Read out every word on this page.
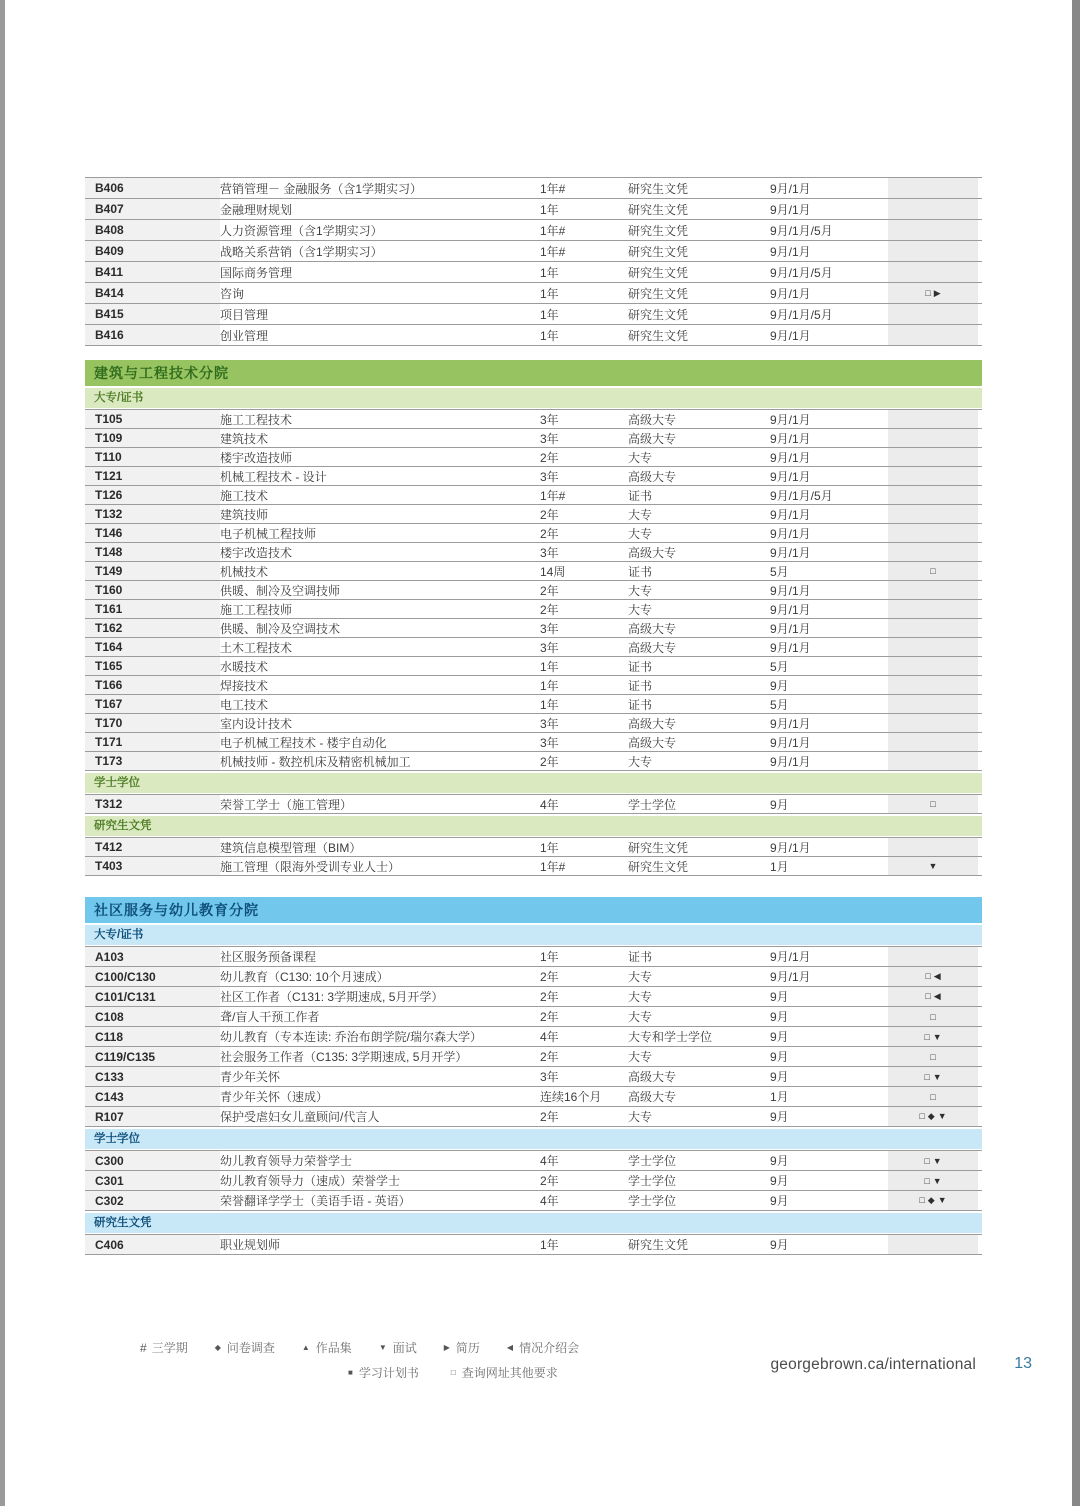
B406	营销管理－ 金融服务（含1学期实习）	1年#	研究生文凭	9月/1月
B407	金融理财规划	1年	研究生文凭	9月/1月
B408	人力资源管理（含1学期实习）	1年#	研究生文凭	9月/1月/5月
B409	战略关系营销（含1学期实习）	1年#	研究生文凭	9月/1月
B411	国际商务管理	1年	研究生文凭	9月/1月/5月
B414	咨询	1年	研究生文凭	9月/1月	□▶
B415	项目管理	1年	研究生文凭	9月/1月/5月
B416	创业管理	1年	研究生文凭	9月/1月
建筑与工程技术分院
大专/证书
T105	施工工程技术	3年	高级大专	9月/1月
T109	建筑技术	3年	高级大专	9月/1月
T110	楼宇改造技师	2年	大专	9月/1月
T121	机械工程技术 - 设计	3年	高级大专	9月/1月
T126	施工技术	1年#	证书	9月/1月/5月
T132	建筑技师	2年	大专	9月/1月
T146	电子机械工程技师	2年	大专	9月/1月
T148	楼宇改造技术	3年	高级大专	9月/1月
T149	机械技术	14周	证书	5月	□
T160	供暖、制冷及空调技师	2年	大专	9月/1月
T161	施工工程技师	2年	大专	9月/1月
T162	供暖、制冷及空调技术	3年	高级大专	9月/1月
T164	土木工程技术	3年	高级大专	9月/1月
T165	水暖技术	1年	证书	5月
T166	焊接技术	1年	证书	9月
T167	电工技术	1年	证书	5月
T170	室内设计技术	3年	高级大专	9月/1月
T171	电子机械工程技术 - 楼宇自动化	3年	高级大专	9月/1月
T173	机械技师 - 数控机床及精密机械加工	2年	大专	9月/1月
学士学位
T312	荣誉工学士（施工管理）	4年	学士学位	9月	□
研究生文凭
T412	建筑信息模型管理（BIM）	1年	研究生文凭	9月/1月
T403	施工管理（限海外受训专业人士）	1年#	研究生文凭	1月	▼
社区服务与幼儿教育分院
大专/证书
A103	社区服务预备课程	1年	证书	9月/1月
C100/C130	幼儿教育（C130: 10个月速成）	2年	大专	9月/1月	□◀
C101/C131	社区工作者（C131: 3学期速成, 5月开学）	2年	大专	9月	□◀
C108	聋/盲人干预工作者	2年	大专	9月	□
C118	幼儿教育（专本连读: 乔治布朗学院/瑞尔森大学）	4年	大专和学士学位	9月	□▼
C119/C135	社会服务工作者（C135: 3学期速成, 5月开学）	2年	大专	9月	□
C133	青少年关怀	3年	高级大专	9月	□▼
C143	青少年关怀（速成）	连续16个月	高级大专	1月	□
R107	保护受虐妇女儿童顾问/代言人	2年	大专	9月	□◆▼
学士学位
C300	幼儿教育领导力荣誉学士	4年	学士学位	9月	□▼
C301	幼儿教育领导力（速成）荣誉学士	2年	学士学位	9月	□▼
C302	荣誉翻译学学士（美语手语 - 英语）	4年	学士学位	9月	□◆▼
研究生文凭
C406	职业规划师	1年	研究生文凭	9月
# 三学期	◆ 问卷调查	▲ 作品集	▼ 面试	▶ 简历	◀ 情况介绍会
■ 学习计划书	□ 查询网址其他要求	georgebrown.ca/international 13
